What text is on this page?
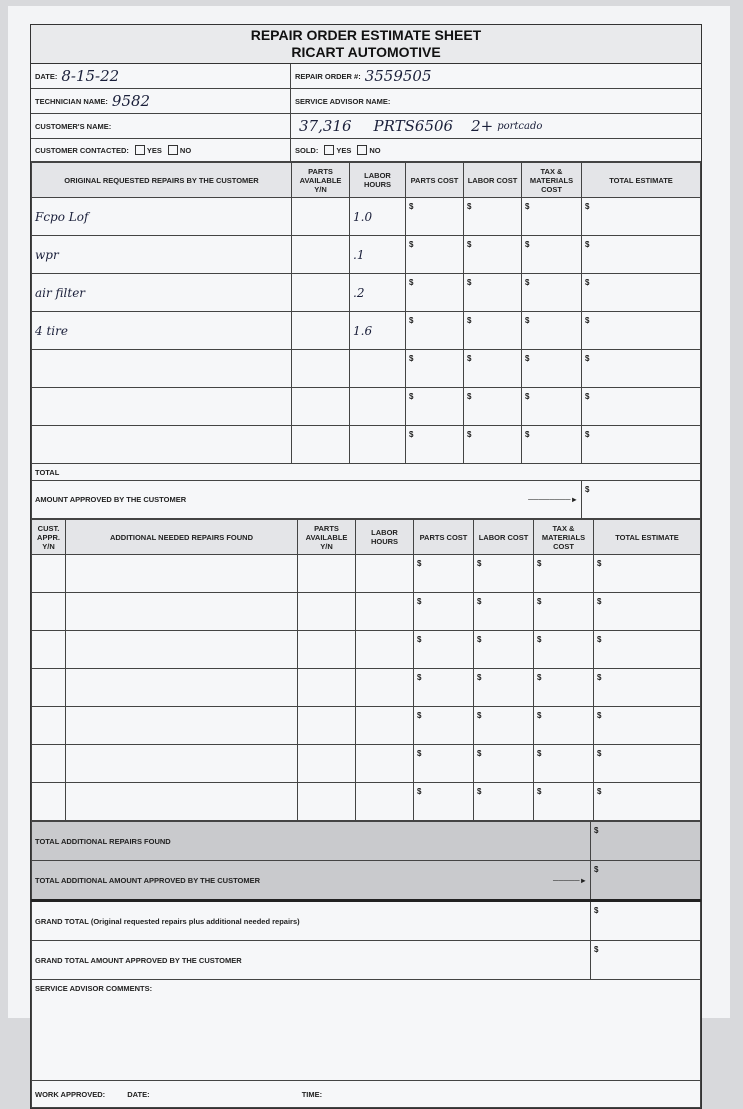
REPAIR ORDER ESTIMATE SHEET
RICART AUTOMOTIVE
DATE: 8-15-22	REPAIR ORDER #: 3559505
TECHNICIAN NAME: 9582	SERVICE ADVISOR NAME:
CUSTOMER'S NAME:	37,316 PRTS6506 2+ portcado
CUSTOMER CONTACTED: YES NO	SOLD: YES NO
ORIGINAL REQUESTED REPAIRS BY THE CUSTOMER	PARTS AVAILABLE Y/N	LABOR HOURS	PARTS COST	LABOR COST	TAX & MATERIALS COST	TOTAL ESTIMATE
Fcpo Lof		1.0	$	$	$	$
wpr		.1	$	$	$	$
air filter		.2	$	$	$	$
4 tire		1.6	$	$	$	$
			$	$	$	$
			$	$	$	$
			$	$	$	$
TOTAL						
AMOUNT APPROVED BY THE CUSTOMER ────────►						$
CUST. APPR. Y/N	ADDITIONAL NEEDED REPAIRS FOUND	PARTS AVAILABLE Y/N	LABOR HOURS	PARTS COST	LABOR COST	TAX & MATERIALS COST	TOTAL ESTIMATE
				$	$	$	$
				$	$	$	$
				$	$	$	$
				$	$	$	$
				$	$	$	$
				$	$	$	$
				$	$	$	$
TOTAL ADDITIONAL REPAIRS FOUND	$
TOTAL ADDITIONAL AMOUNT APPROVED BY THE CUSTOMER ─────►	$
GRAND TOTAL (Original requested repairs plus additional needed repairs)	$
GRAND TOTAL AMOUNT APPROVED BY THE CUSTOMER	$
SERVICE ADVISOR COMMENTS:	
WORK APPROVED: DATE: TIME:	
